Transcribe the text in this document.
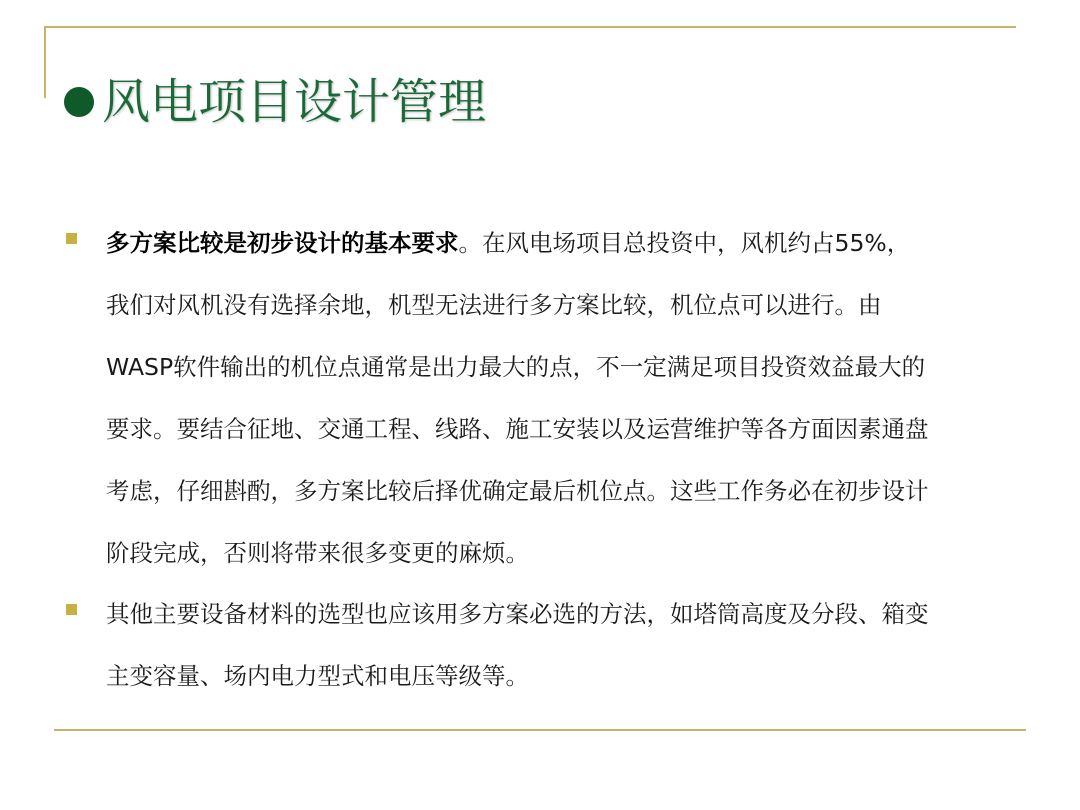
风电项目设计管理
多方案比较是初步设计的基本要求。在风电场项目总投资中，风机约占55%，
我们对风机没有选择余地，机型无法进行多方案比较，机位点可以进行。由
WASP软件输出的机位点通常是出力最大的点，不一定满足项目投资效益最大的
要求。要结合征地、交通工程、线路、施工安装以及运营维护等各方面因素通盘
考虑，仔细斟酌，多方案比较后择优确定最后机位点。这些工作务必在初步设计
阶段完成，否则将带来很多变更的麻烦。
其他主要设备材料的选型也应该用多方案必选的方法，如塔筒高度及分段、箱变
主变容量、场内电力型式和电压等级等。
